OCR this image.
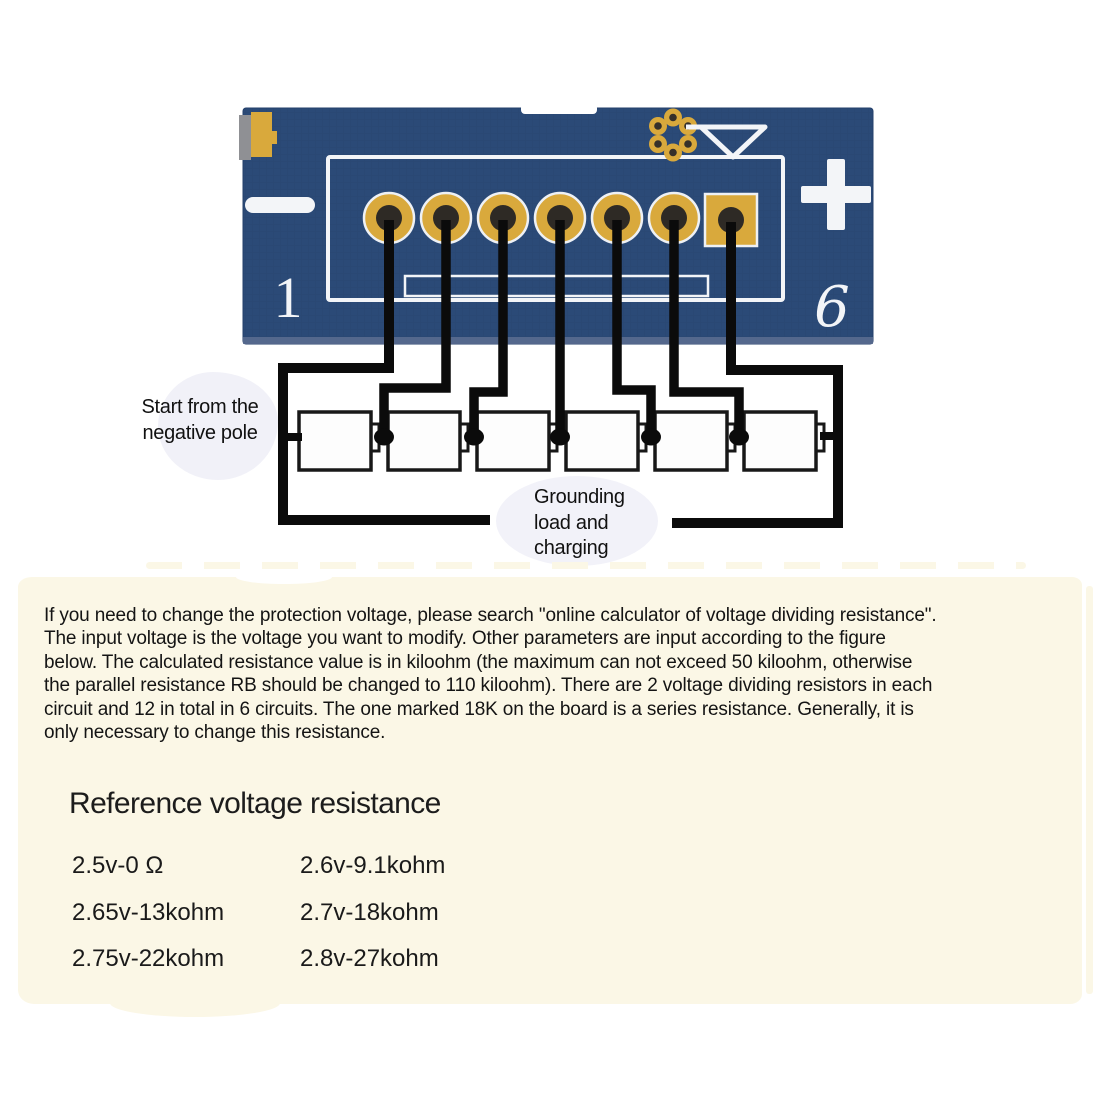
1	6
Start from the
negative pole
Grounding
load and
charging
If you need to change the protection voltage, please search "online calculator of voltage dividing resistance".
The input voltage is the voltage you want to modify. Other parameters are input according to the figure
below. The calculated resistance value is in kiloohm (the maximum can not exceed 50 kiloohm, otherwise
the parallel resistance RB should be changed to 110 kiloohm). There are 2 voltage dividing resistors in each
circuit and 12 in total in 6 circuits. The one marked 18K on the board is a series resistance. Generally, it is
only necessary to change this resistance.
Reference voltage resistance
2.5v-0 Ω	2.6v-9.1kohm
2.65v-13kohm	2.7v-18kohm
2.75v-22kohm	2.8v-27kohm
